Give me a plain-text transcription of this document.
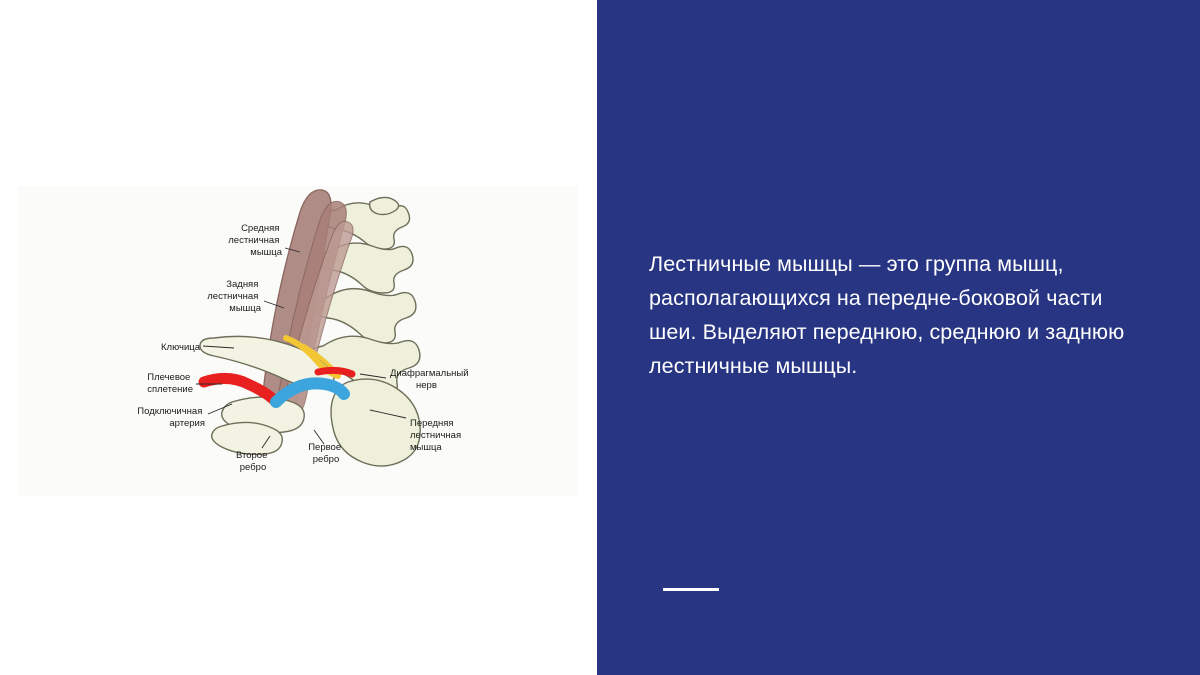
Средняя лестничная мышца
Задняя лестничная мышца
Ключица
Плечевое сплетение
Подключичная артерия
Второе ребро
Первое ребро
Диафрагмальный нерв
Передняя лестничная мышца
Лестничные мышцы — это группа мышц, располагающихся на передне-боковой части шеи. Выделяют переднюю, среднюю и заднюю лестничные мышцы.
